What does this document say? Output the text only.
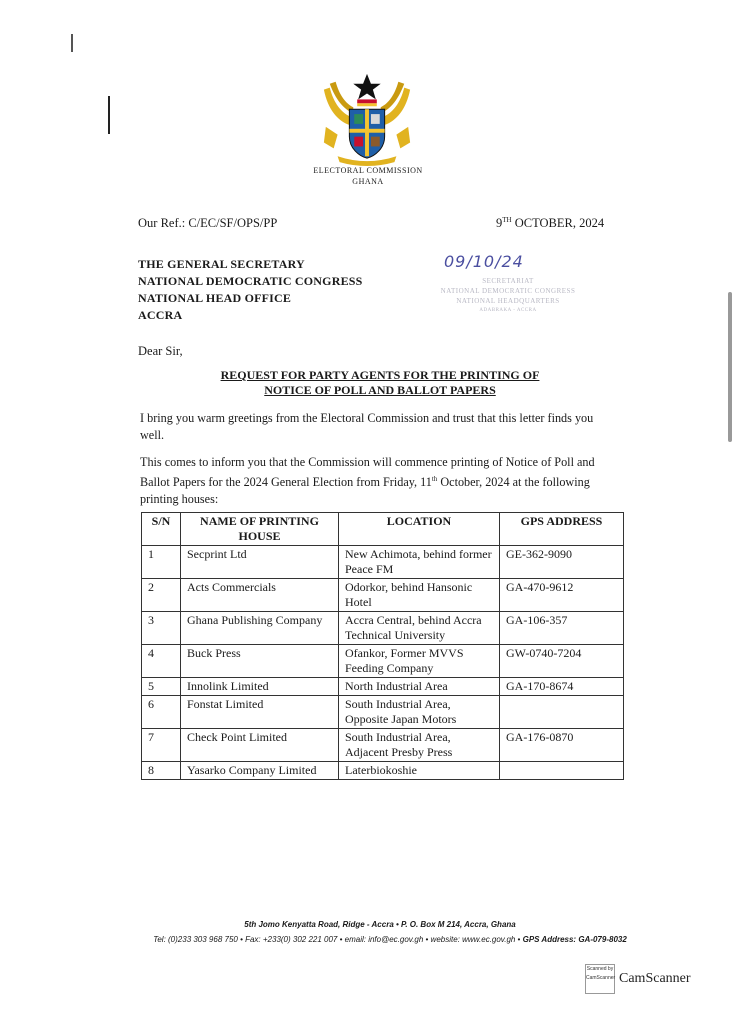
ELECTORAL COMMISSION
GHANA
Our Ref.: C/EC/SF/OPS/PP	9TH OCTOBER, 2024
THE GENERAL SECRETARY
NATIONAL DEMOCRATIC CONGRESS
NATIONAL HEAD OFFICE
ACCRA
09/10/24
SECRETARIAT
NATIONAL DEMOCRATIC CONGRESS
NATIONAL HEADQUARTERS
ADABRAKA - ACCRA
Dear Sir,
REQUEST FOR PARTY AGENTS FOR THE PRINTING OF
NOTICE OF POLL AND BALLOT PAPERS
I bring you warm greetings from the Electoral Commission and trust that this letter finds you well.
This comes to inform you that the Commission will commence printing of Notice of Poll and Ballot Papers for the 2024 General Election from Friday, 11th October, 2024 at the following printing houses:
S/N	NAME OF PRINTING HOUSE	LOCATION	GPS ADDRESS
1	Secprint Ltd	New Achimota, behind former Peace FM	GE-362-9090
2	Acts Commercials	Odorkor, behind Hansonic Hotel	GA-470-9612
3	Ghana Publishing Company	Accra Central, behind Accra Technical University	GA-106-357
4	Buck Press	Ofankor, Former MVVS Feeding Company	GW-0740-7204
5	Innolink Limited	North Industrial Area	GA-170-8674
6	Fonstat Limited	South Industrial Area, Opposite Japan Motors	
7	Check Point Limited	South Industrial Area, Adjacent Presby Press	GA-176-0870
8	Yasarko Company Limited	Laterbiokoshie	
5th Jomo Kenyatta Road, Ridge - Accra • P. O. Box M 214, Accra, Ghana
Tel: (0)233 303 968 750 • Fax: +233(0) 302 221 007 • email: info@ec.gov.gh • website: www.ec.gov.gh • GPS Address: GA-079-8032
Scanned by CamScanner CamScanner
